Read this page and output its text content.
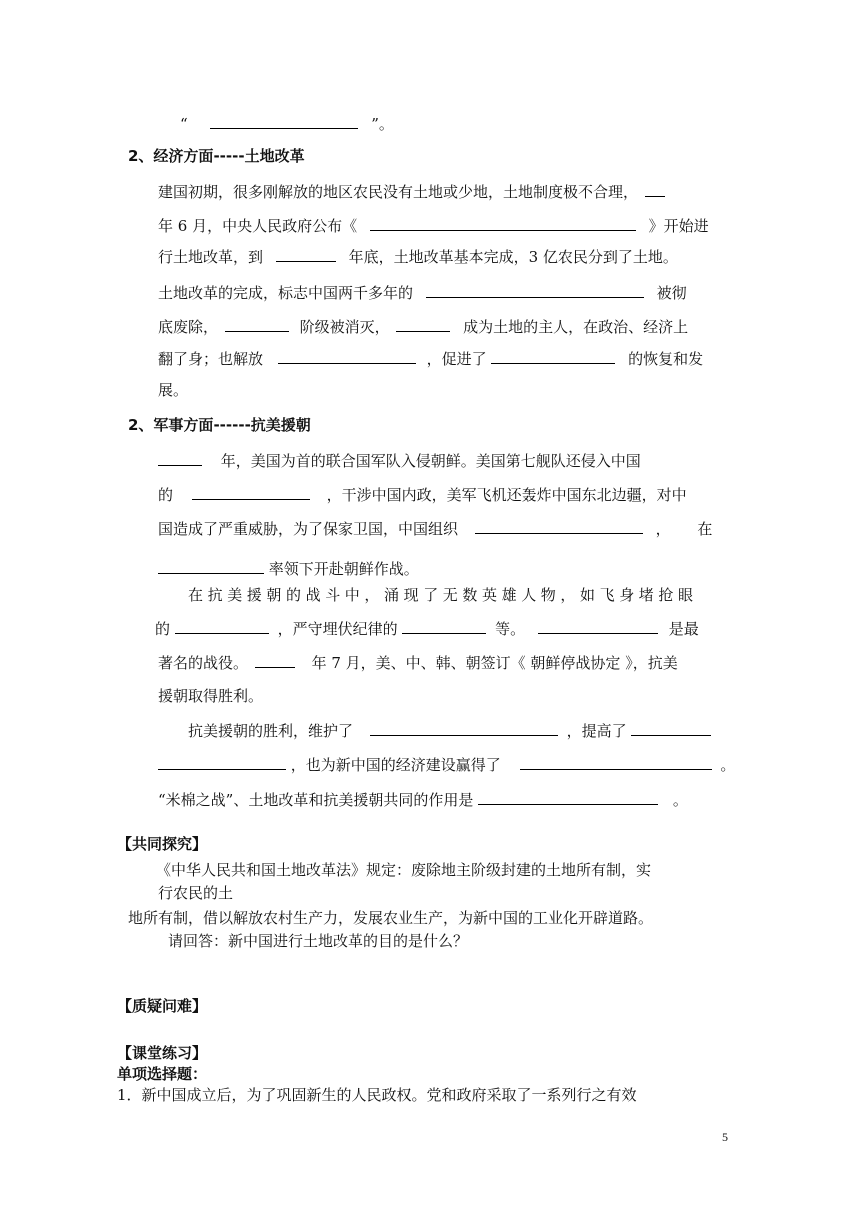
“	”。
2、经济方面-----土地改革
建国初期，很多刚解放的地区农民没有土地或少地，土地制度极不合理，
年 6 月，中央人民政府公布《	》开始进
行土地改革，到	年底，土地改革基本完成，3 亿农民分到了土地。
土地改革的完成，标志中国两千多年的	被彻
底废除，	阶级被消灭，	成为土地的主人，在政治、经济上
翻了身；也解放	，促进了	的恢复和发
展。
2、军事方面------抗美援朝
年，美国为首的联合国军队入侵朝鲜。美国第七舰队还侵入中国
的	，干涉中国内政，美军飞机还轰炸中国东北边疆，对中
国造成了严重威胁，为了保家卫国，中国组织	， 在
率领下开赴朝鲜作战。
在抗美援朝的战斗中，涌现了无数英雄人物，如飞身堵抢眼
的	，严守埋伏纪律的	等。	是最
著名的战役。	年 7 月，美、中、韩、朝签订《 朝鲜停战协定 》，抗美
援朝取得胜利。
抗美援朝的胜利，维护了	，提高了
，也为新中国的经济建设赢得了	。
“米棉之战”、土地改革和抗美援朝共同的作用是	。
【共同探究】
《中华人民共和国土地改革法》规定：废除地主阶级封建的土地所有制，实
行农民的土
地所有制，借以解放农村生产力，发展农业生产，为新中国的工业化开辟道路。
请回答：新中国进行土地改革的目的是什么？
【质疑问难】
【课堂练习】
单项选择题：
1．新中国成立后，为了巩固新生的人民政权。党和政府采取了一系列行之有效
5
